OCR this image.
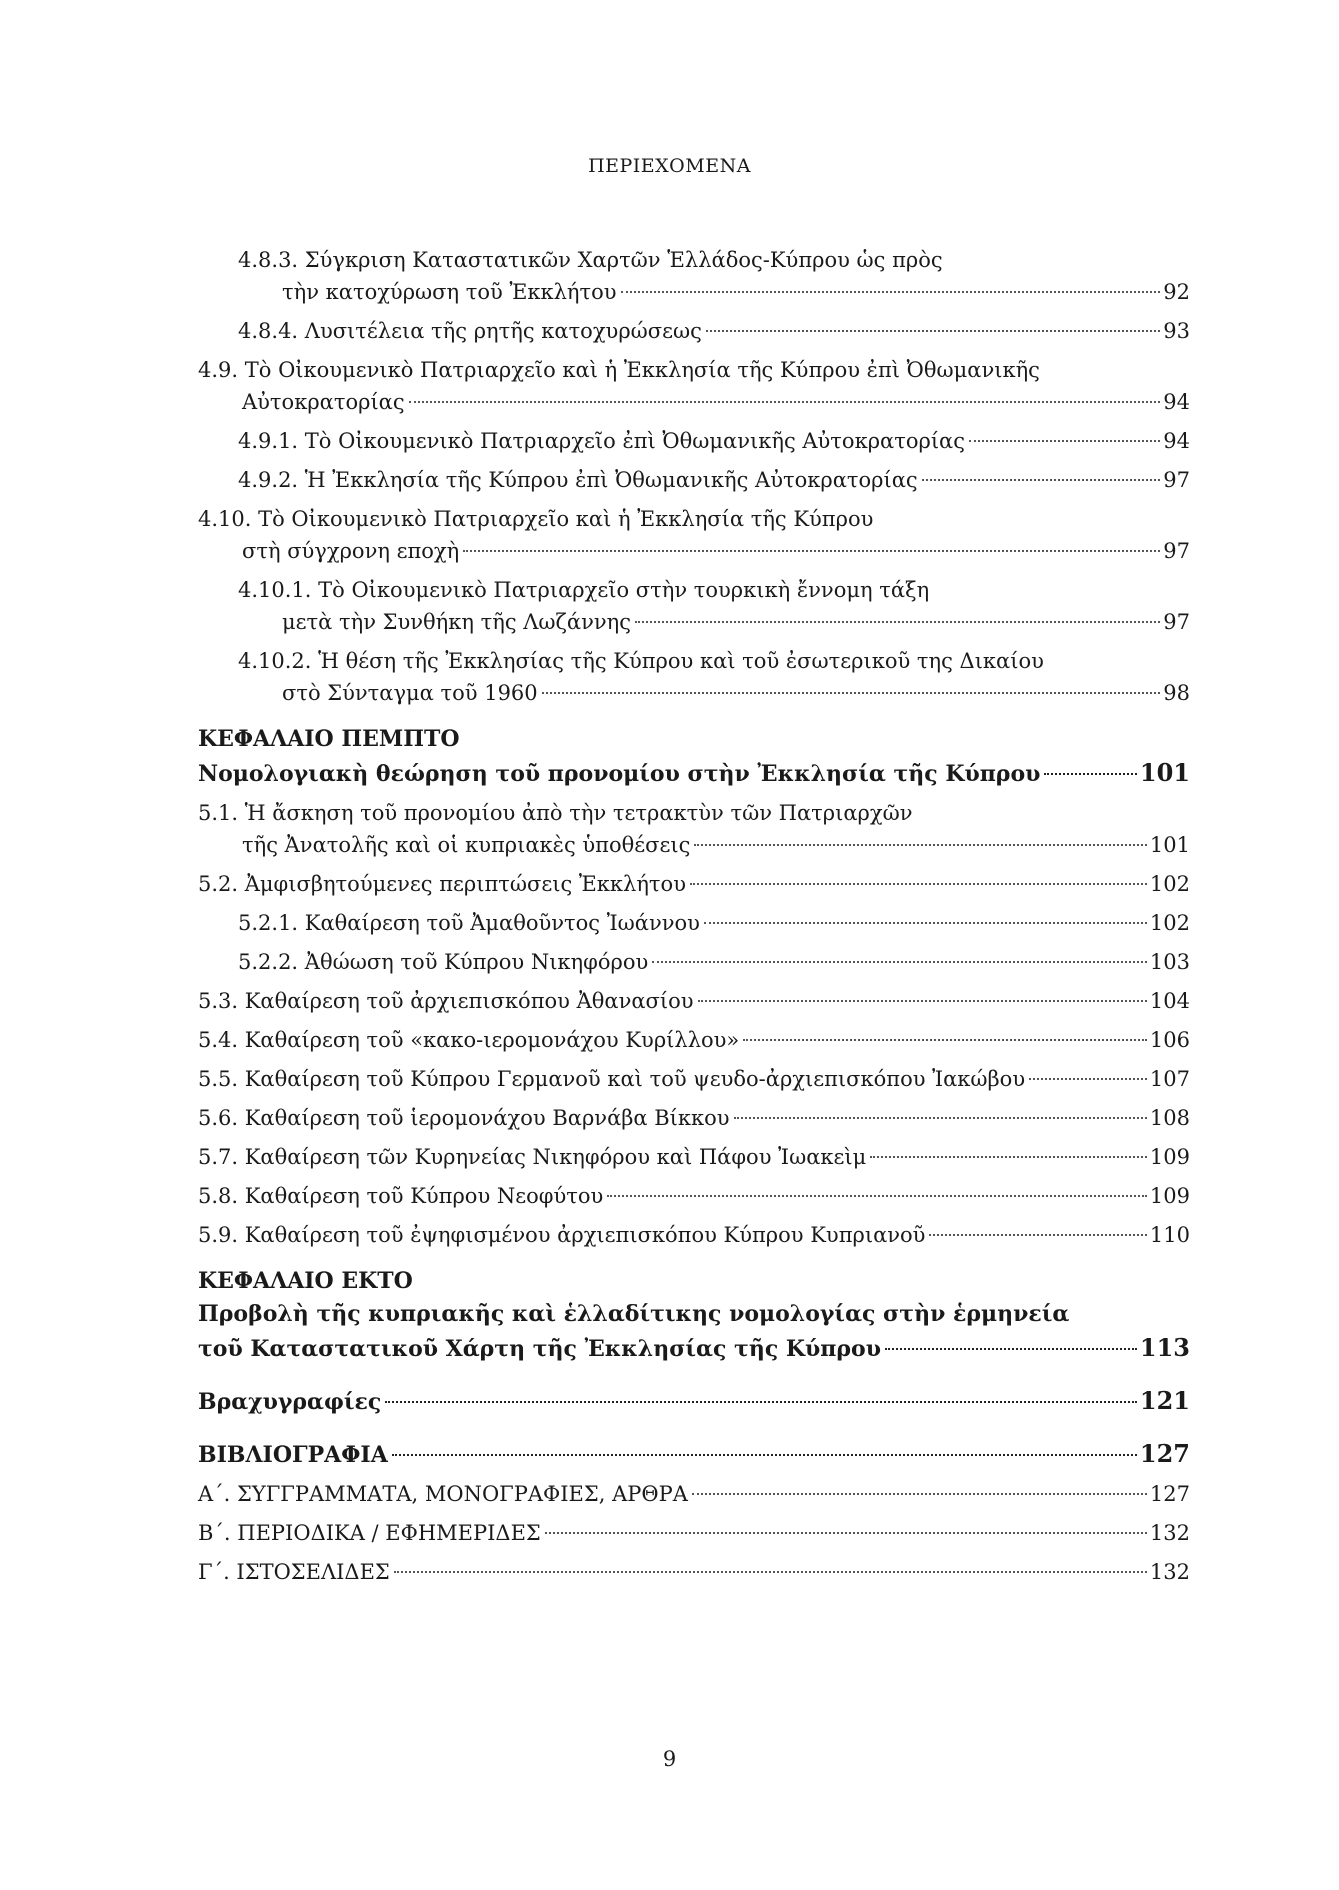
ΠΕΡΙΕΧΟΜΕΝΑ
4.8.3. Σύγκριση Καταστατικῶν Χαρτῶν Ἑλλάδος-Κύπρου ὡς πρὸς
τὴν κατοχύρωση τοῦ Ἐκκλήτου	92
4.8.4. Λυσιτέλεια τῆς ρητῆς κατοχυρώσεως	93
4.9. Τὸ Οἰκουμενικὸ Πατριαρχεῖο καὶ ἡ Ἐκκλησία τῆς Κύπρου ἐπὶ Ὀθωμανικῆς
Αὐτοκρατορίας	94
4.9.1. Τὸ Οἰκουμενικὸ Πατριαρχεῖο ἐπὶ Ὀθωμανικῆς Αὐτοκρατορίας	94
4.9.2. Ἡ Ἐκκλησία τῆς Κύπρου ἐπὶ Ὀθωμανικῆς Αὐτοκρατορίας	97
4.10. Τὸ Οἰκουμενικὸ Πατριαρχεῖο καὶ ἡ Ἐκκλησία τῆς Κύπρου
στὴ σύγχρονη εποχὴ	97
4.10.1. Τὸ Οἰκουμενικὸ Πατριαρχεῖο στὴν τουρκικὴ ἔννομη τάξη
μετὰ τὴν Συνθήκη τῆς Λωζάννης	97
4.10.2. Ἡ θέση τῆς Ἐκκλησίας τῆς Κύπρου καὶ τοῦ ἐσωτερικοῦ της Δικαίου
στὸ Σύνταγμα τοῦ 1960	98
ΚΕΦΑΛΑΙΟ ΠΕΜΠΤΟ
Νομολογιακὴ θεώρηση τοῦ προνομίου στὴν Ἐκκλησία τῆς Κύπρου	101
5.1. Ἡ ἄσκηση τοῦ προνομίου ἀπὸ τὴν τετρακτὺν τῶν Πατριαρχῶν
τῆς Ἀνατολῆς καὶ οἱ κυπριακὲς ὑποθέσεις	101
5.2. Ἀμφισβητούμενες περιπτώσεις Ἐκκλήτου	102
5.2.1. Καθαίρεση τοῦ Ἀμαθοῦντος Ἰωάννου	102
5.2.2. Ἀθώωση τοῦ Κύπρου Νικηφόρου	103
5.3. Καθαίρεση τοῦ ἀρχιεπισκόπου Ἀθανασίου	104
5.4. Καθαίρεση τοῦ «κακο-ιερομονάχου Κυρίλλου»	106
5.5. Καθαίρεση τοῦ Κύπρου Γερμανοῦ καὶ τοῦ ψευδο-ἀρχιεπισκόπου Ἰακώβου	107
5.6. Καθαίρεση τοῦ ἱερομονάχου Βαρνάβα Βίκκου	108
5.7. Καθαίρεση τῶν Κυρηνείας Νικηφόρου καὶ Πάφου Ἰωακεὶμ	109
5.8. Καθαίρεση τοῦ Κύπρου Νεοφύτου	109
5.9. Καθαίρεση τοῦ ἐψηφισμένου ἀρχιεπισκόπου Κύπρου Κυπριανοῦ	110
ΚΕΦΑΛΑΙΟ ΕΚΤΟ
Προβολὴ τῆς κυπριακῆς καὶ ἑλλαδίτικης νομολογίας στὴν ἑρμηνεία
τοῦ Καταστατικοῦ Χάρτη τῆς Ἐκκλησίας τῆς Κύπρου	113
Βραχυγραφίες	121
ΒΙΒΛΙΟΓΡΑΦΙΑ	127
Α΄. ΣΥΓΓΡΑΜΜΑΤΑ, ΜΟΝΟΓΡΑΦΙΕΣ, ΑΡΘΡΑ	127
Β΄. ΠΕΡΙΟΔΙΚΑ / ΕΦΗΜΕΡΙΔΕΣ	132
Γ΄. ΙΣΤΟΣΕΛΙΔΕΣ	132
9
